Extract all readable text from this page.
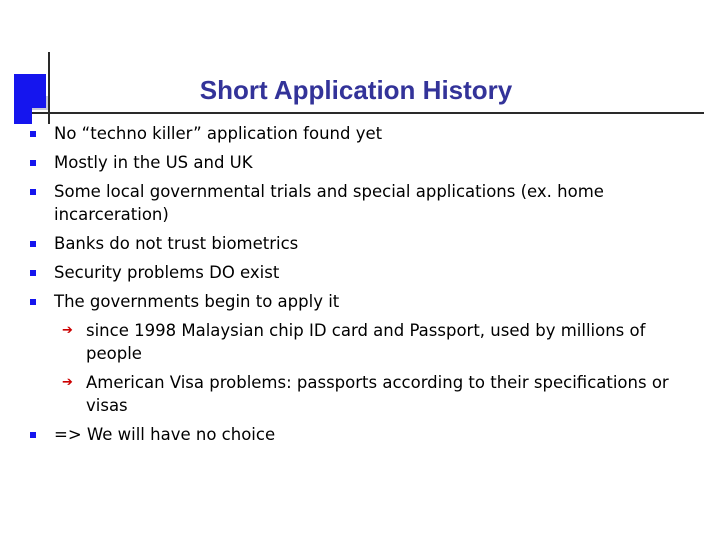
Short Application History
No “techno killer” application found yet
Mostly in the US and UK
Some local governmental trials and special applications (ex. home incarceration)
Banks do not trust biometrics
Security problems DO exist
The governments begin to apply it
➔ since 1998 Malaysian chip ID card and Passport, used by millions of people
➔ American Visa problems: passports according to their specifications or visas
=> We will have no choice
